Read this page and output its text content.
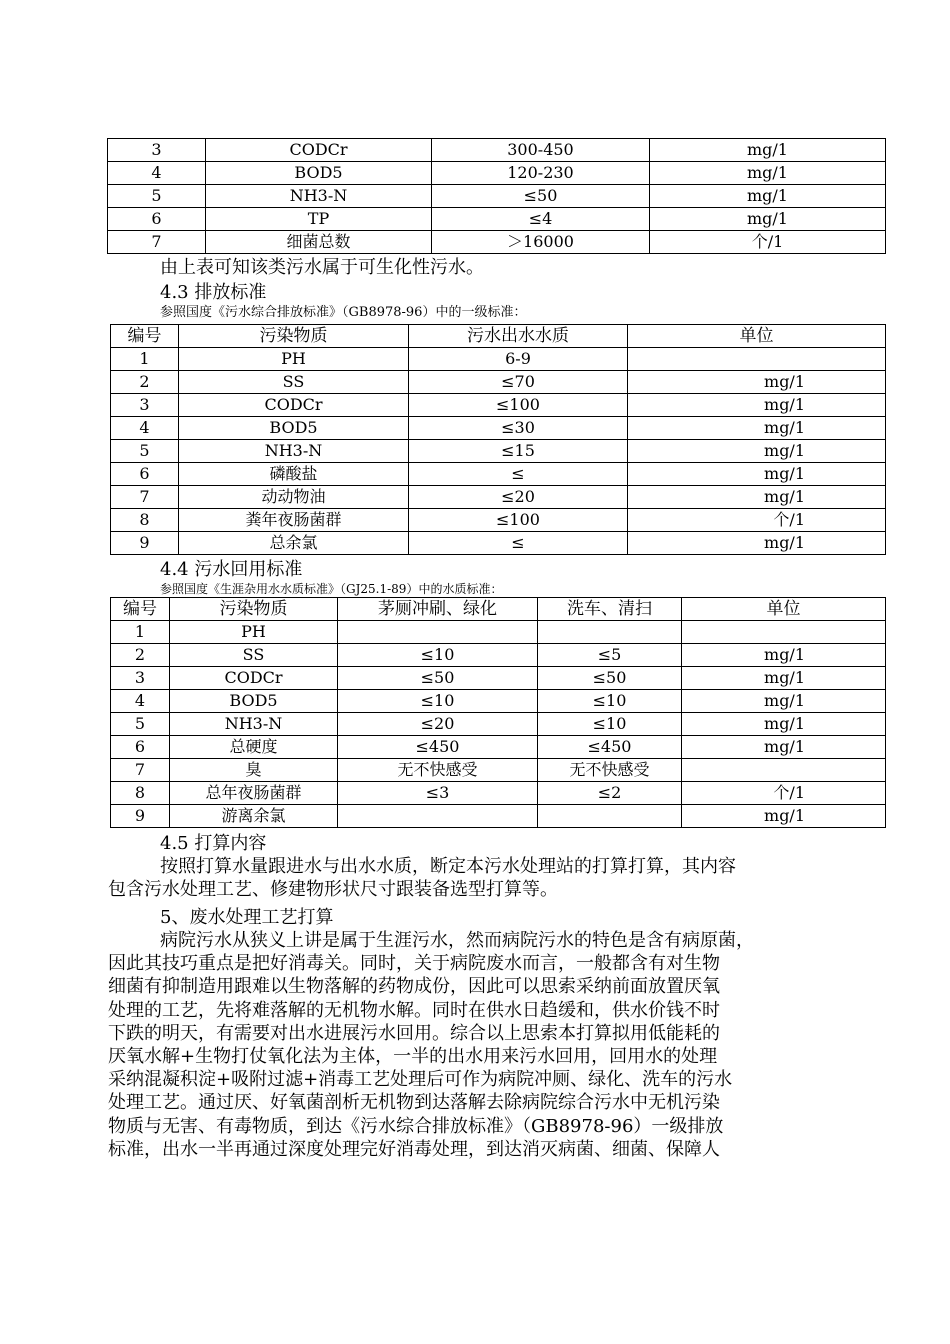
3	CODCr	300-450	mg/1
4	BOD5	120-230	mg/1
5	NH3-N	≤50	mg/1
6	TP	≤4	mg/1
7	细菌总数	＞16000	个/1
由上表可知该类污水属于可生化性污水。
4.3 排放标准
参照国度《污水综合排放标准》（GB8978-96）中的一级标准：
编号	污染物质	污水出水水质	单位
1	PH	6-9	
2	SS	≤70	mg/1
3	CODCr	≤100	mg/1
4	BOD5	≤30	mg/1
5	NH3-N	≤15	mg/1
6	磷酸盐	≤	mg/1
7	动动物油	≤20	mg/1
8	粪年夜肠菌群	≤100	个/1
9	总余氯	≤	mg/1
4.4 污水回用标准
参照国度《生涯杂用水水质标准》（GJ25.1-89）中的水质标准：
编号	污染物质	茅厕冲刷、绿化	洗车、清扫	单位
1	PH			
2	SS	≤10	≤5	mg/1
3	CODCr	≤50	≤50	mg/1
4	BOD5	≤10	≤10	mg/1
5	NH3-N	≤20	≤10	mg/1
6	总硬度	≤450	≤450	mg/1
7	臭	无不快感受	无不快感受	
8	总年夜肠菌群	≤3	≤2	个/1
9	游离余氯			mg/1
4.5 打算内容
按照打算水量跟进水与出水水质，断定本污水处理站的打算打算，其内容
包含污水处理工艺、修建物形状尺寸跟装备选型打算等。
5、废水处理工艺打算
病院污水从狭义上讲是属于生涯污水，然而病院污水的特色是含有病原菌，
因此其技巧重点是把好消毒关。同时，关于病院废水而言，一般都含有对生物
细菌有抑制造用跟难以生物落解的药物成份，因此可以思索采纳前面放置厌氧
处理的工艺，先将难落解的无机物水解。同时在供水日趋缓和，供水价钱不时
下跌的明天，有需要对出水进展污水回用。综合以上思索本打算拟用低能耗的
厌氧水解+生物打仗氧化法为主体，一半的出水用来污水回用，回用水的处理
采纳混凝积淀+吸附过滤+消毒工艺处理后可作为病院冲厕、绿化、洗车的污水
处理工艺。通过厌、好氧菌剖析无机物到达落解去除病院综合污水中无机污染
物质与无害、有毒物质，到达《污水综合排放标准》（GB8978-96）一级排放
标准，出水一半再通过深度处理完好消毒处理，到达消灭病菌、细菌、保障人
